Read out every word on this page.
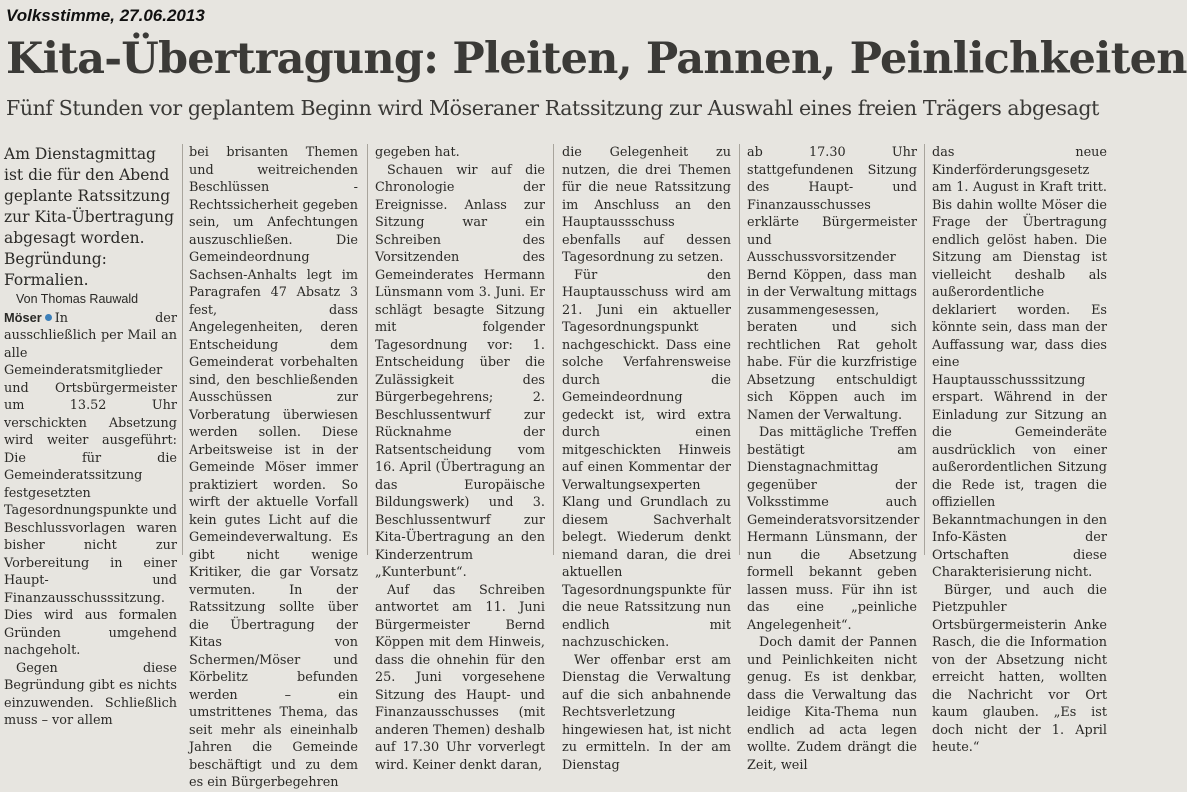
Volksstimme, 27.06.2013
Kita-Übertragung: Pleiten, Pannen, Peinlichkeiten
Fünf Stunden vor geplantem Beginn wird Möseraner Ratssitzung zur Auswahl eines freien Trägers abgesagt

Am Dienstagmittag ist die für den Abend geplante Ratssitzung zur Kita-Übertragung abgesagt worden. Begründung: Formalien.

Von Thomas Rauwald

Möser In der ausschließlich per Mail an alle Gemeinderatsmitglieder und Ortsbürgermeister um 13.52 Uhr verschickten Absetzung wird weiter ausgeführt: Die für die Gemeinderatssitzung festgesetzten Tagesordnungspunkte und Beschlussvorlagen waren bisher nicht zur Vorbereitung in einer Haupt- und Finanzausschusssitzung. Dies wird aus formalen Gründen umgehend nachgeholt.

Gegen diese Begründung gibt es nichts einzuwenden. Schließlich muss – vor allem

bei brisanten Themen und weitreichenden Beschlüssen - Rechtssicherheit gegeben sein, um Anfechtungen auszuschließen. Die Gemeindeordnung Sachsen-Anhalts legt im Paragrafen 47 Absatz 3 fest, dass Angelegenheiten, deren Entscheidung dem Gemeinderat vorbehalten sind, den beschließenden Ausschüssen zur Vorberatung überwiesen werden sollen. Diese Arbeitsweise ist in der Gemeinde Möser immer praktiziert worden. So wirft der aktuelle Vorfall kein gutes Licht auf die Gemeindeverwaltung. Es gibt nicht wenige Kritiker, die gar Vorsatz vermuten. In der Ratssitzung sollte über die Übertragung der Kitas von Schermen/Möser und Körbelitz befunden werden – ein umstrittenes Thema, das seit mehr als eineinhalb Jahren die Gemeinde beschäftigt und zu dem es ein Bürgerbegehren

gegeben hat.

Schauen wir auf die Chronologie der Ereignisse. Anlass zur Sitzung war ein Schreiben des Vorsitzenden des Gemeinderates Hermann Lünsmann vom 3. Juni. Er schlägt besagte Sitzung mit folgender Tagesordnung vor: 1. Entscheidung über die Zulässigkeit des Bürgerbegehrens; 2. Beschlussentwurf zur Rücknahme der Ratsentscheidung vom 16. April (Übertragung an das Europäische Bildungswerk) und 3. Beschlussentwurf zur Kita-Übertragung an den Kinderzentrum „Kunterbunt“.

Auf das Schreiben antwortet am 11. Juni Bürgermeister Bernd Köppen mit dem Hinweis, dass die ohnehin für den 25. Juni vorgesehene Sitzung des Haupt- und Finanzausschusses (mit anderen Themen) deshalb auf 17.30 Uhr vorverlegt wird. Keiner denkt daran,

die Gelegenheit zu nutzen, die drei Themen für die neue Ratssitzung im Anschluss an den Hauptaussschuss ebenfalls auf dessen Tagesordnung zu setzen.

Für den Hauptausschuss wird am 21. Juni ein aktueller Tagesordnungspunkt nachgeschickt. Dass eine solche Verfahrensweise durch die Gemeindeordnung gedeckt ist, wird extra durch einen mitgeschickten Hinweis auf einen Kommentar der Verwaltungsexperten Klang und Grundlach zu diesem Sachverhalt belegt. Wiederum denkt niemand daran, die drei aktuellen Tagesordnungspunkte für die neue Ratssitzung nun endlich mit nachzuschicken.

Wer offenbar erst am Dienstag die Verwaltung auf die sich anbahnende Rechtsverletzung hingewiesen hat, ist nicht zu ermitteln. In der am Dienstag

ab 17.30 Uhr stattgefundenen Sitzung des Haupt- und Finanzausschusses erklärte Bürgermeister und Ausschussvorsitzender Bernd Köppen, dass man in der Verwaltung mittags zusammengesessen, beraten und sich rechtlichen Rat geholt habe. Für die kurzfristige Absetzung entschuldigt sich Köppen auch im Namen der Verwaltung.

Das mittägliche Treffen bestätigt am Dienstagnachmittag gegenüber der Volksstimme auch Gemeinderatsvorsitzender Hermann Lünsmann, der nun die Absetzung formell bekannt geben lassen muss. Für ihn ist das eine „peinliche Angelegenheit“.

Doch damit der Pannen und Peinlichkeiten nicht genug. Es ist denkbar, dass die Verwaltung das leidige Kita-Thema nun endlich ad acta legen wollte. Zudem drängt die Zeit, weil

das neue Kinderförderungsgesetz am 1. August in Kraft tritt. Bis dahin wollte Möser die Frage der Übertragung endlich gelöst haben. Die Sitzung am Dienstag ist vielleicht deshalb als außerordentliche deklariert worden. Es könnte sein, dass man der Auffassung war, dass dies eine Hauptausschusssitzung erspart. Während in der Einladung zur Sitzung an die Gemeinderäte ausdrücklich von einer außerordentlichen Sitzung die Rede ist, tragen die offiziellen Bekanntmachungen in den Info-Kästen der Ortschaften diese Charakterisierung nicht.

Bürger, und auch die Pietzpuhler Ortsbürgermeisterin Anke Rasch, die die Information von der Absetzung nicht erreicht hatten, wollten die Nachricht vor Ort kaum glauben. „Es ist doch nicht der 1. April heute.“
